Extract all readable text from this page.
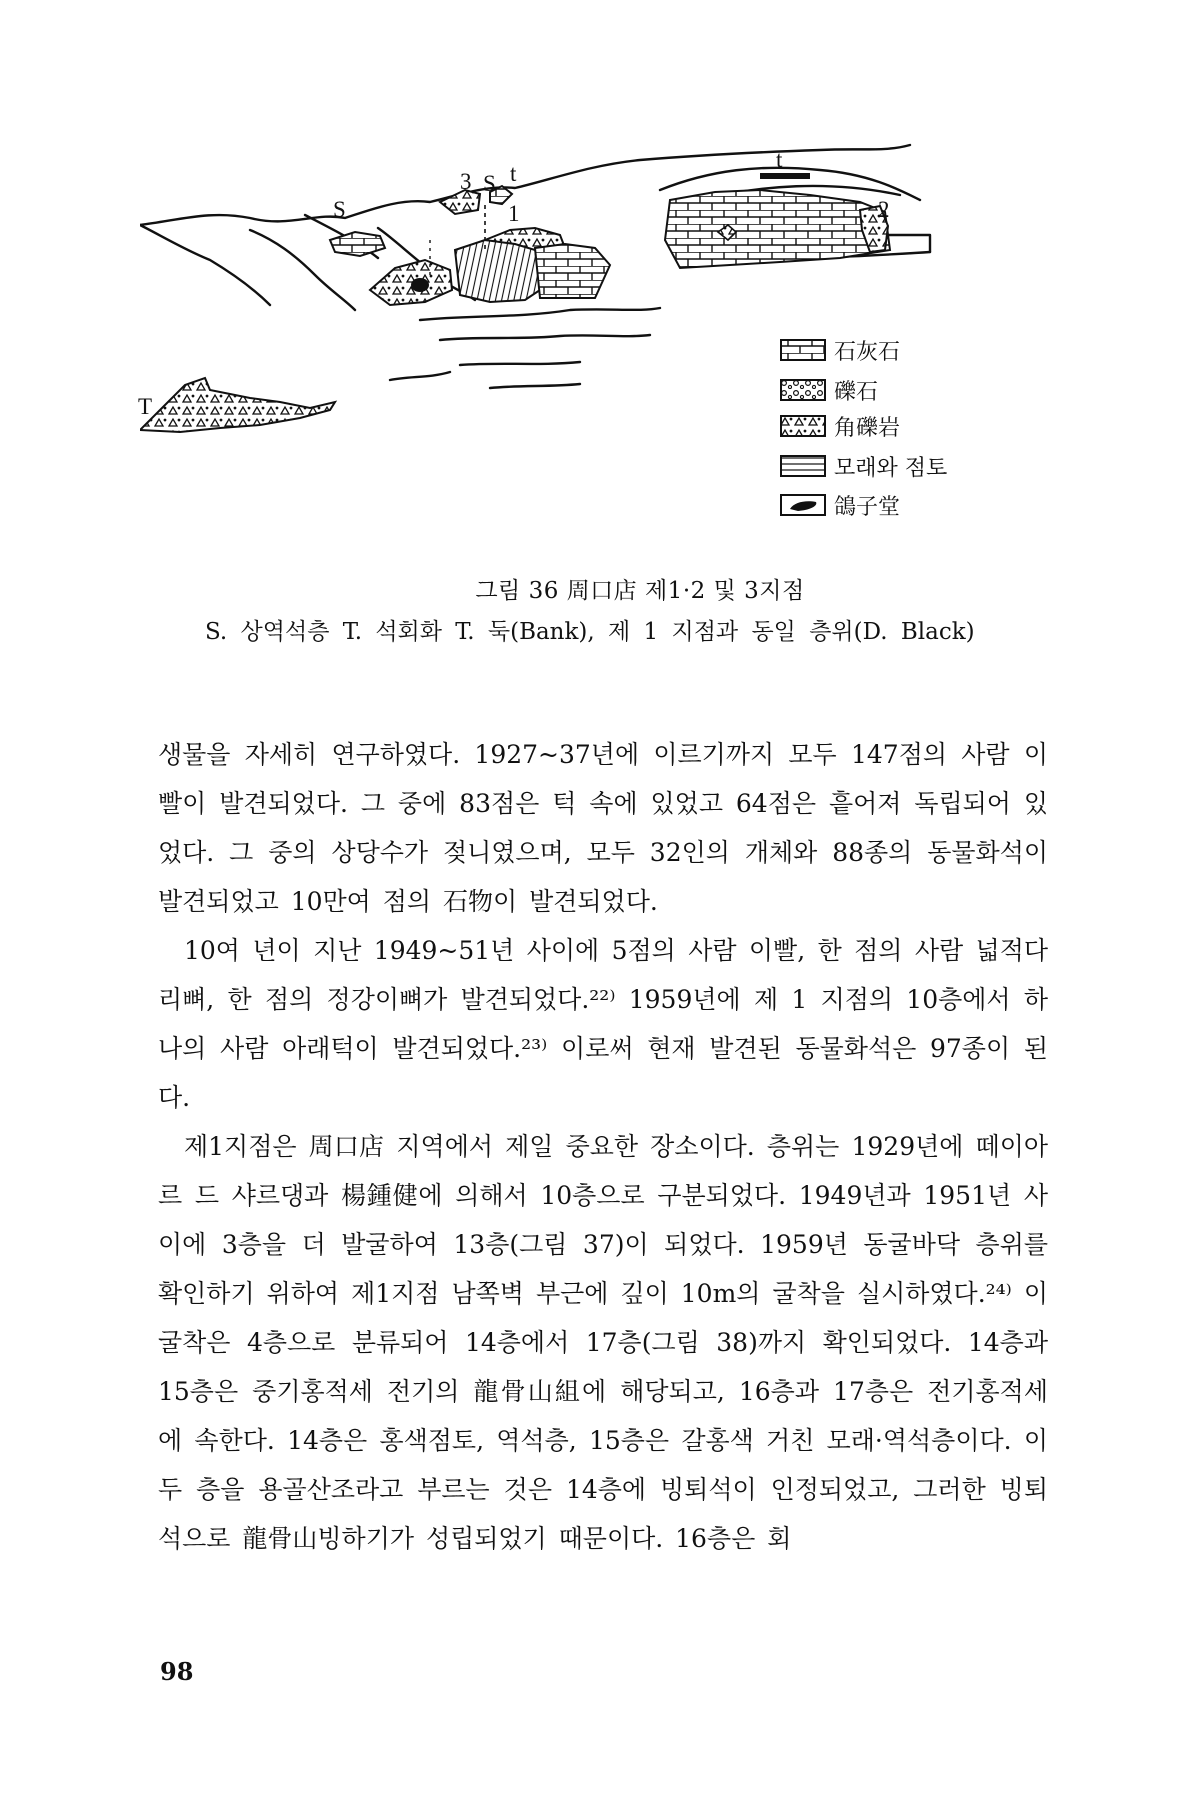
S
3 S t
1
t
2
T
石灰石
礫石
角礫岩
모래와 점토
鴿子堂
그림 36 周口店 제1·2 및 3지점

S. 상역석층 T. 석회화 T. 둑(Bank), 제 1 지점과 동일 층위(D. Black)

생물을 자세히 연구하였다. 1927~37년에 이르기까지 모두 147점의 사람 이빨이 발견되었다. 그 중에 83점은 턱 속에 있었고 64점은 흩어져 독립되어 있었다. 그 중의 상당수가 젖니였으며, 모두 32인의 개체와 88종의 동물화석이 발견되었고 10만여 점의 石物이 발견되었다.

10여 년이 지난 1949~51년 사이에 5점의 사람 이빨, 한 점의 사람 넓적다리뼈, 한 점의 정강이뼈가 발견되었다.²²⁾ 1959년에 제 1 지점의 10층에서 하나의 사람 아래턱이 발견되었다.²³⁾ 이로써 현재 발견된 동물화석은 97종이 된다.

제1지점은 周口店 지역에서 제일 중요한 장소이다. 층위는 1929년에 떼이아르 드 샤르댕과 楊鍾健에 의해서 10층으로 구분되었다. 1949년과 1951년 사이에 3층을 더 발굴하여 13층(그림 37)이 되었다. 1959년 동굴바닥 층위를 확인하기 위하여 제1지점 남쪽벽 부근에 깊이 10m의 굴착을 실시하였다.²⁴⁾ 이 굴착은 4층으로 분류되어 14층에서 17층(그림 38)까지 확인되었다. 14층과 15층은 중기홍적세 전기의 龍骨山組에 해당되고, 16층과 17층은 전기홍적세에 속한다. 14층은 홍색점토, 역석층, 15층은 갈홍색 거친 모래·역석층이다. 이 두 층을 용골산조라고 부르는 것은 14층에 빙퇴석이 인정되었고, 그러한 빙퇴석으로 龍骨山빙하기가 성립되었기 때문이다. 16층은 회

98
